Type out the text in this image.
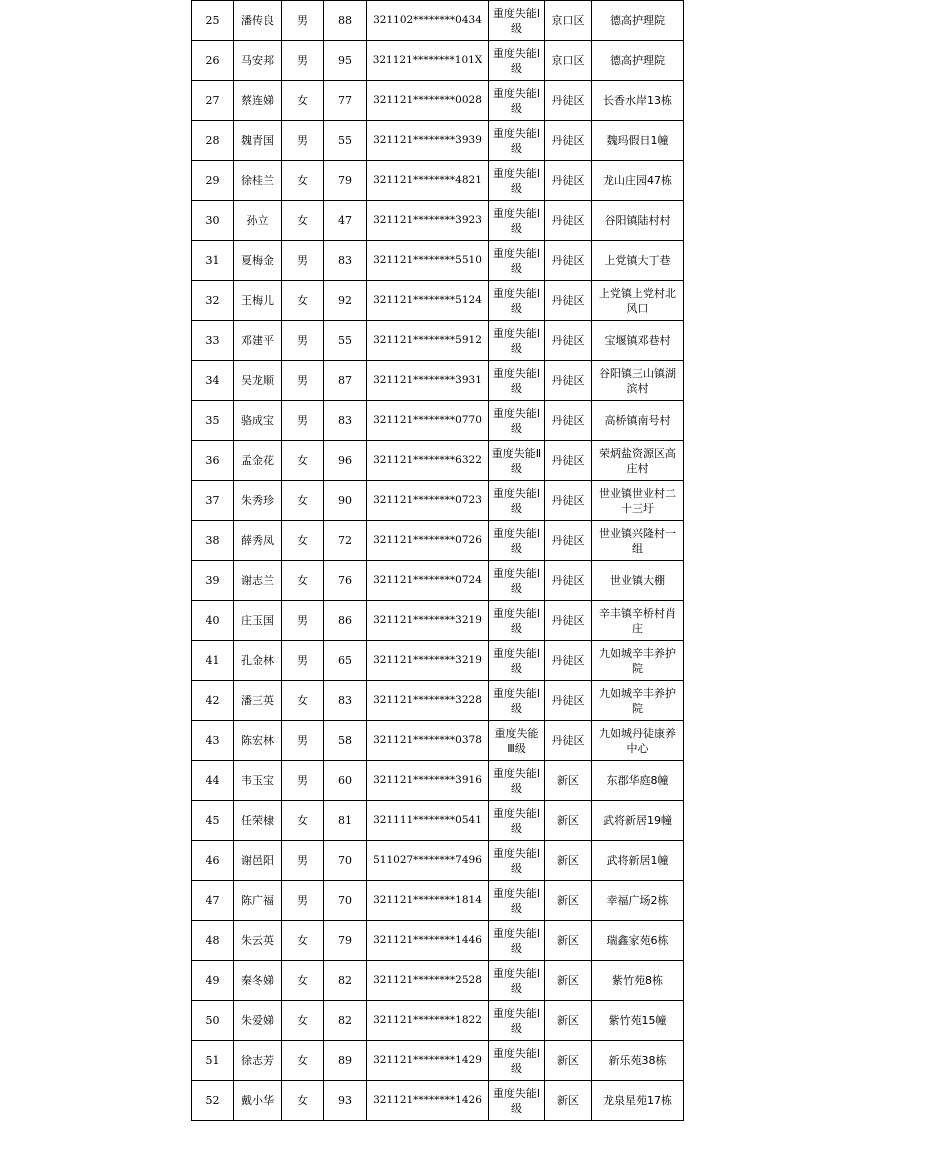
25	潘传良	男	88	321102********0434	重度失能Ⅰ级	京口区	德高护理院
26	马安邦	男	95	321121********101X	重度失能Ⅰ级	京口区	德高护理院
27	蔡连娣	女	77	321121********0028	重度失能Ⅰ级	丹徒区	长香水岸13栋
28	魏青国	男	55	321121********3939	重度失能Ⅰ级	丹徒区	魏玛假日1幢
29	徐桂兰	女	79	321121********4821	重度失能Ⅰ级	丹徒区	龙山庄园47栋
30	孙立	女	47	321121********3923	重度失能Ⅰ级	丹徒区	谷阳镇陆村村
31	夏梅金	男	83	321121********5510	重度失能Ⅰ级	丹徒区	上党镇大丁巷
32	王梅儿	女	92	321121********5124	重度失能Ⅰ级	丹徒区	上党镇上党村北风口
33	邓建平	男	55	321121********5912	重度失能Ⅰ级	丹徒区	宝堰镇邓巷村
34	吴龙顺	男	87	321121********3931	重度失能Ⅰ级	丹徒区	谷阳镇三山镇湖滨村
35	骆成宝	男	83	321121********0770	重度失能Ⅰ级	丹徒区	高桥镇南号村
36	孟金花	女	96	321121********6322	重度失能Ⅱ级	丹徒区	荣炳盐资源区高庄村
37	朱秀珍	女	90	321121********0723	重度失能Ⅰ级	丹徒区	世业镇世业村二十三圩
38	薛秀凤	女	72	321121********0726	重度失能Ⅰ级	丹徒区	世业镇兴隆村一组
39	谢志兰	女	76	321121********0724	重度失能Ⅰ级	丹徒区	世业镇大棚
40	庄玉国	男	86	321121********3219	重度失能Ⅰ级	丹徒区	辛丰镇辛桥村肖庄
41	孔金林	男	65	321121********3219	重度失能Ⅰ级	丹徒区	九如城辛丰养护院
42	潘三英	女	83	321121********3228	重度失能Ⅰ级	丹徒区	九如城辛丰养护院
43	陈宏林	男	58	321121********0378	重度失能Ⅲ级	丹徒区	九如城丹徒康养中心
44	韦玉宝	男	60	321121********3916	重度失能Ⅰ级	新区	东郡华庭8幢
45	任荣棣	女	81	321111********0541	重度失能Ⅰ级	新区	武将新居19幢
46	谢邑阳	男	70	511027********7496	重度失能Ⅰ级	新区	武将新居1幢
47	陈广福	男	70	321121********1814	重度失能Ⅰ级	新区	幸福广场2栋
48	朱云英	女	79	321121********1446	重度失能Ⅰ级	新区	瑞鑫家苑6栋
49	秦冬娣	女	82	321121********2528	重度失能Ⅰ级	新区	紫竹苑8栋
50	朱爱娣	女	82	321121********1822	重度失能Ⅰ级	新区	紫竹苑15幢
51	徐志芳	女	89	321121********1429	重度失能Ⅰ级	新区	新乐苑38栋
52	戴小华	女	93	321121********1426	重度失能Ⅰ级	新区	龙泉星苑17栋
